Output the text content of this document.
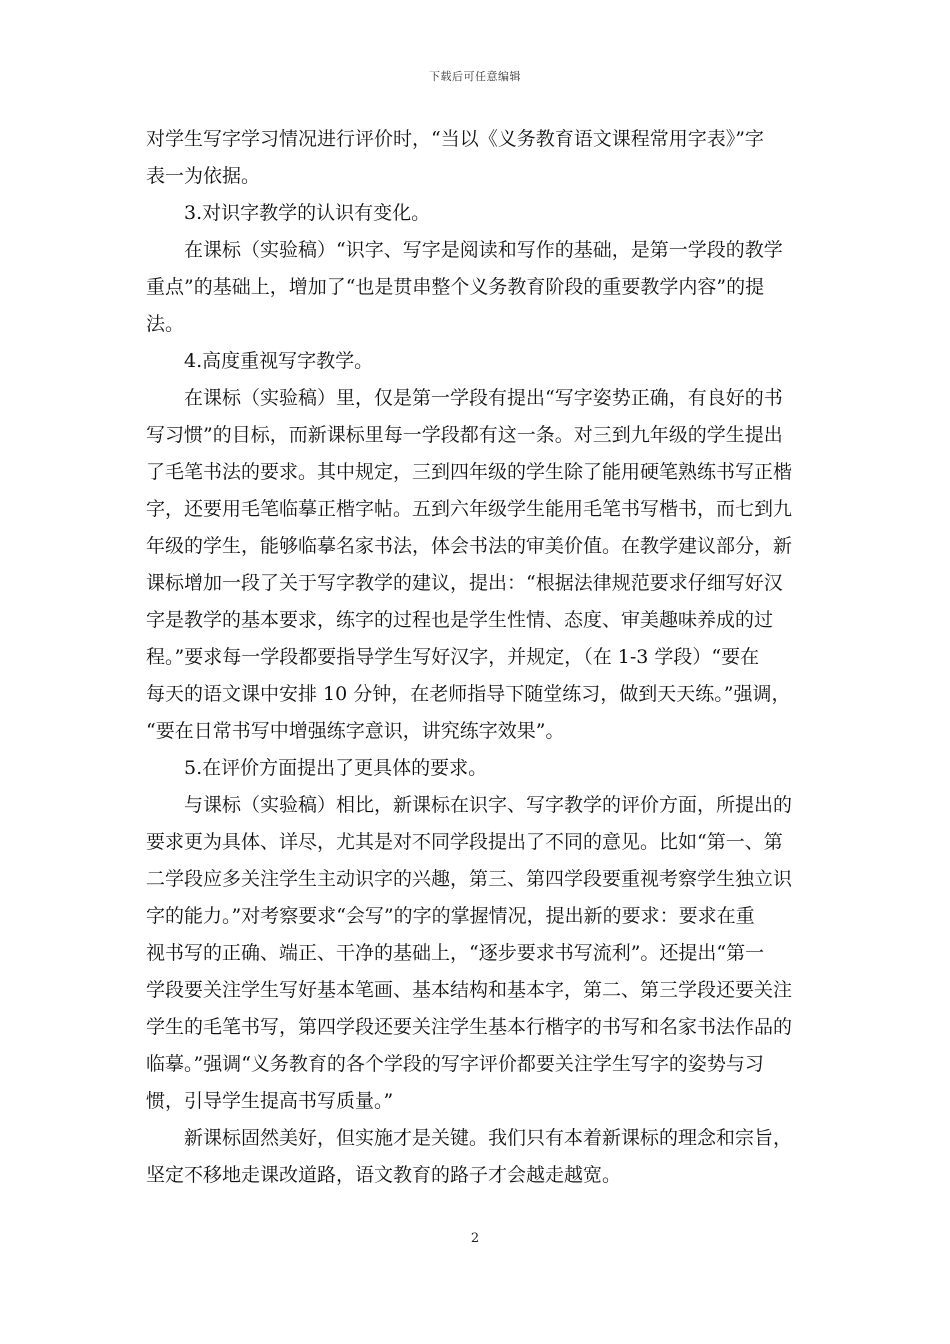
下载后可任意编辑
对学生写字学习情况进行评价时，“当以《义务教育语文课程常用字表》”字
表一为依据。
3.对识字教学的认识有变化。
在课标（实验稿）“识字、写字是阅读和写作的基础，是第一学段的教学
重点”的基础上，增加了“也是贯串整个义务教育阶段的重要教学内容”的提
法。
4.高度重视写字教学。
在课标（实验稿）里，仅是第一学段有提出“写字姿势正确，有良好的书
写习惯”的目标，而新课标里每一学段都有这一条。对三到九年级的学生提出
了毛笔书法的要求。其中规定，三到四年级的学生除了能用硬笔熟练书写正楷
字，还要用毛笔临摹正楷字帖。五到六年级学生能用毛笔书写楷书，而七到九
年级的学生，能够临摹名家书法，体会书法的审美价值。在教学建议部分，新
课标增加一段了关于写字教学的建议，提出：“根据法律规范要求仔细写好汉
字是教学的基本要求，练字的过程也是学生性情、态度、审美趣味养成的过
程。”要求每一学段都要指导学生写好汉字，并规定，（在 1-3 学段）“要在
每天的语文课中安排 10 分钟，在老师指导下随堂练习，做到天天练。”强调，
“要在日常书写中增强练字意识，讲究练字效果”。
5.在评价方面提出了更具体的要求。
与课标（实验稿）相比，新课标在识字、写字教学的评价方面，所提出的
要求更为具体、详尽，尤其是对不同学段提出了不同的意见。比如“第一、第
二学段应多关注学生主动识字的兴趣，第三、第四学段要重视考察学生独立识
字的能力。”对考察要求“会写”的字的掌握情况，提出新的要求：要求在重
视书写的正确、端正、干净的基础上，“逐步要求书写流利”。还提出“第一
学段要关注学生写好基本笔画、基本结构和基本字，第二、第三学段还要关注
学生的毛笔书写，第四学段还要关注学生基本行楷字的书写和名家书法作品的
临摹。”强调“义务教育的各个学段的写字评价都要关注学生写字的姿势与习
惯，引导学生提高书写质量。”
新课标固然美好，但实施才是关键。我们只有本着新课标的理念和宗旨，
坚定不移地走课改道路，语文教育的路子才会越走越宽。
2
